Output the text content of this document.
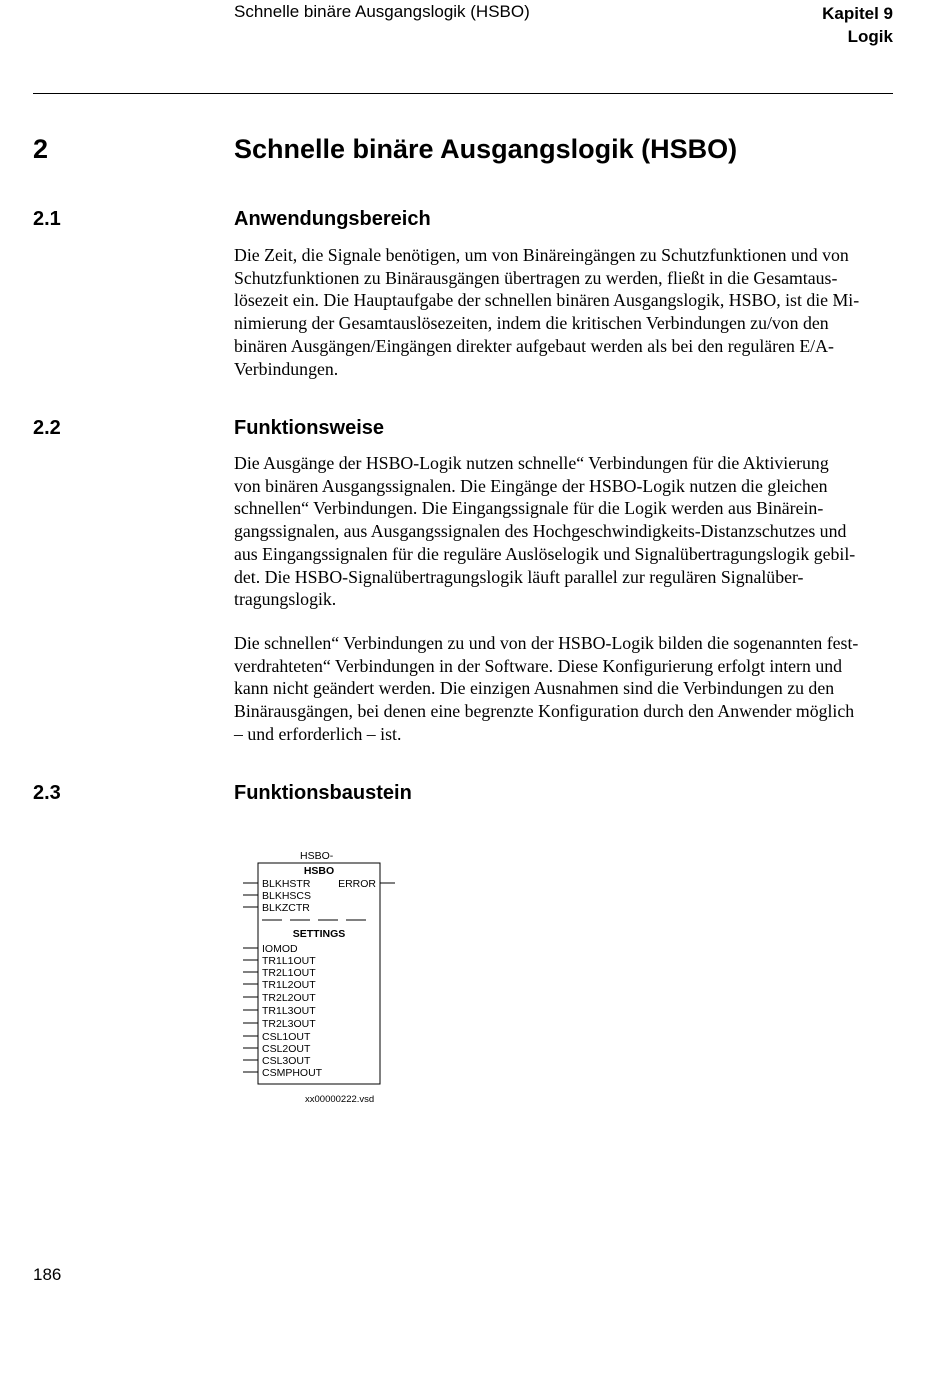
Schnelle binäre Ausgangslogik (HSBO)	Kapitel 9
Logik
2	Schnelle binäre Ausgangslogik (HSBO)
2.1	Anwendungsbereich
Die Zeit, die Signale benötigen, um von Binäreingängen zu Schutzfunktionen und von
Schutzfunktionen zu Binärausgängen übertragen zu werden, fließt in die Gesamtaus-
lösezeit ein. Die Hauptaufgabe der schnellen binären Ausgangslogik, HSBO, ist die Mi-
nimierung der Gesamtauslösezeiten, indem die kritischen Verbindungen zu/von den
binären Ausgängen/Eingängen direkter aufgebaut werden als bei den regulären E/A-
Verbindungen.
2.2	Funktionsweise
Die Ausgänge der HSBO-Logik nutzen schnelle“ Verbindungen für die Aktivierung
von binären Ausgangssignalen. Die Eingänge der HSBO-Logik nutzen die gleichen
schnellen“ Verbindungen. Die Eingangssignale für die Logik werden aus Binärein-
gangssignalen, aus Ausgangssignalen des Hochgeschwindigkeits-Distanzschutzes und
aus Eingangssignalen für die reguläre Auslöselogik und Signalübertragungslogik gebil-
det. Die HSBO-Signalübertragungslogik läuft parallel zur regulären Signalüber-
tragungslogik.
Die schnellen“ Verbindungen zu und von der HSBO-Logik bilden die sogenannten fest-
verdrahteten“ Verbindungen in der Software. Diese Konfigurierung erfolgt intern und
kann nicht geändert werden. Die einzigen Ausnahmen sind die Verbindungen zu den
Binärausgängen, bei denen eine begrenzte Konfiguration durch den Anwender möglich
– und erforderlich – ist.
2.3	Funktionsbaustein
HSBO-
HSBO
BLKHSTR
BLKHSCS
BLKZCTR
ERROR
SETTINGS
IOMOD
TR1L1OUT
TR2L1OUT
TR1L2OUT
TR2L2OUT
TR1L3OUT
TR2L3OUT
CSL1OUT
CSL2OUT
CSL3OUT
CSMPHOUT
xx00000222.vsd
186
